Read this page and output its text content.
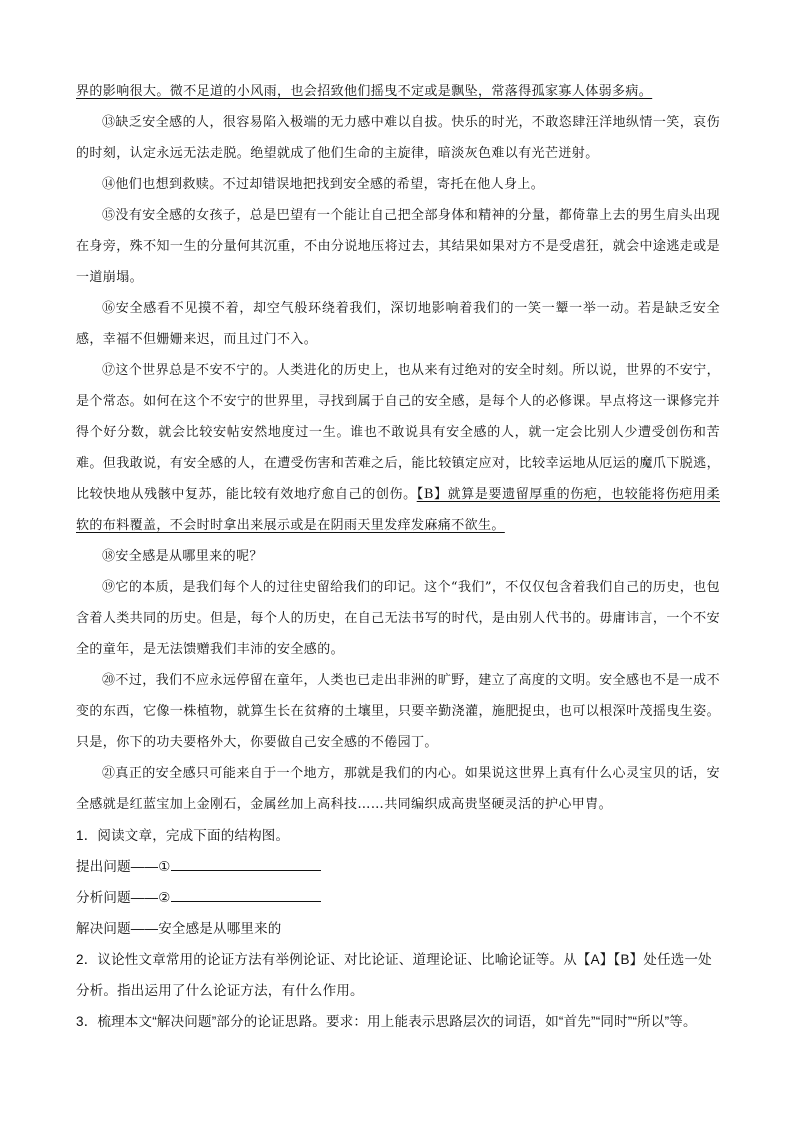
界的影响很大。微不足道的小风雨，也会招致他们摇曳不定或是飘坠，常落得孤家寡人体弱多病。

⑬缺乏安全感的人，很容易陷入极端的无力感中难以自拔。快乐的时光，不敢恣肆汪洋地纵情一笑，哀伤的时刻，认定永远无法走脱。绝望就成了他们生命的主旋律，暗淡灰色难以有光芒迸射。

⑭他们也想到救赎。不过却错误地把找到安全感的希望，寄托在他人身上。

⑮没有安全感的女孩子，总是巴望有一个能让自己把全部身体和精神的分量，都倚靠上去的男生肩头出现在身旁，殊不知一生的分量何其沉重，不由分说地压将过去，其结果如果对方不是受虐狂，就会中途逃走或是一道崩塌。

⑯安全感看不见摸不着，却空气般环绕着我们，深切地影响着我们的一笑一颦一举一动。若是缺乏安全感，幸福不但姗姗来迟，而且过门不入。

⑰这个世界总是不安不宁的。人类进化的历史上，也从来有过绝对的安全时刻。所以说，世界的不安宁，是个常态。如何在这个不安宁的世界里，寻找到属于自己的安全感，是每个人的必修课。早点将这一课修完并得个好分数，就会比较安帖安然地度过一生。谁也不敢说具有安全感的人，就一定会比别人少遭受创伤和苦难。但我敢说，有安全感的人，在遭受伤害和苦难之后，能比较镇定应对，比较幸运地从厄运的魔爪下脱逃，比较快地从残骸中复苏，能比较有效地疗愈自己的创伤。【B】就算是要遗留厚重的伤疤，也较能将伤疤用柔软的布料覆盖，不会时时拿出来展示或是在阴雨天里发痒发麻痛不欲生。

⑱安全感是从哪里来的呢？

⑲它的本质，是我们每个人的过往史留给我们的印记。这个“我们”，不仅仅包含着我们自己的历史，也包含着人类共同的历史。但是，每个人的历史，在自己无法书写的时代，是由别人代书的。毋庸讳言，一个不安全的童年，是无法馈赠我们丰沛的安全感的。

⑳不过，我们不应永远停留在童年，人类也已走出非洲的旷野，建立了高度的文明。安全感也不是一成不变的东西，它像一株植物，就算生长在贫瘠的土壤里，只要辛勤浇灌，施肥捉虫，也可以根深叶茂摇曳生姿。只是，你下的功夫要格外大，你要做自己安全感的不倦园丁。

㉑真正的安全感只可能来自于一个地方，那就是我们的内心。如果说这世界上真有什么心灵宝贝的话，安全感就是红蓝宝加上金刚石，金属丝加上高科技……共同编织成高贵坚硬灵活的护心甲胄。

1．阅读文章，完成下面的结构图。

提出问题——①

分析问题——②

解决问题——安全感是从哪里来的

2．议论性文章常用的论证方法有举例论证、对比论证、道理论证、比喻论证等。从【A】【B】处任选一处分析。指出运用了什么论证方法，有什么作用。

3．梳理本文“解决问题”部分的论证思路。要求：用上能表示思路层次的词语，如“首先”“同时”“所以”等。
